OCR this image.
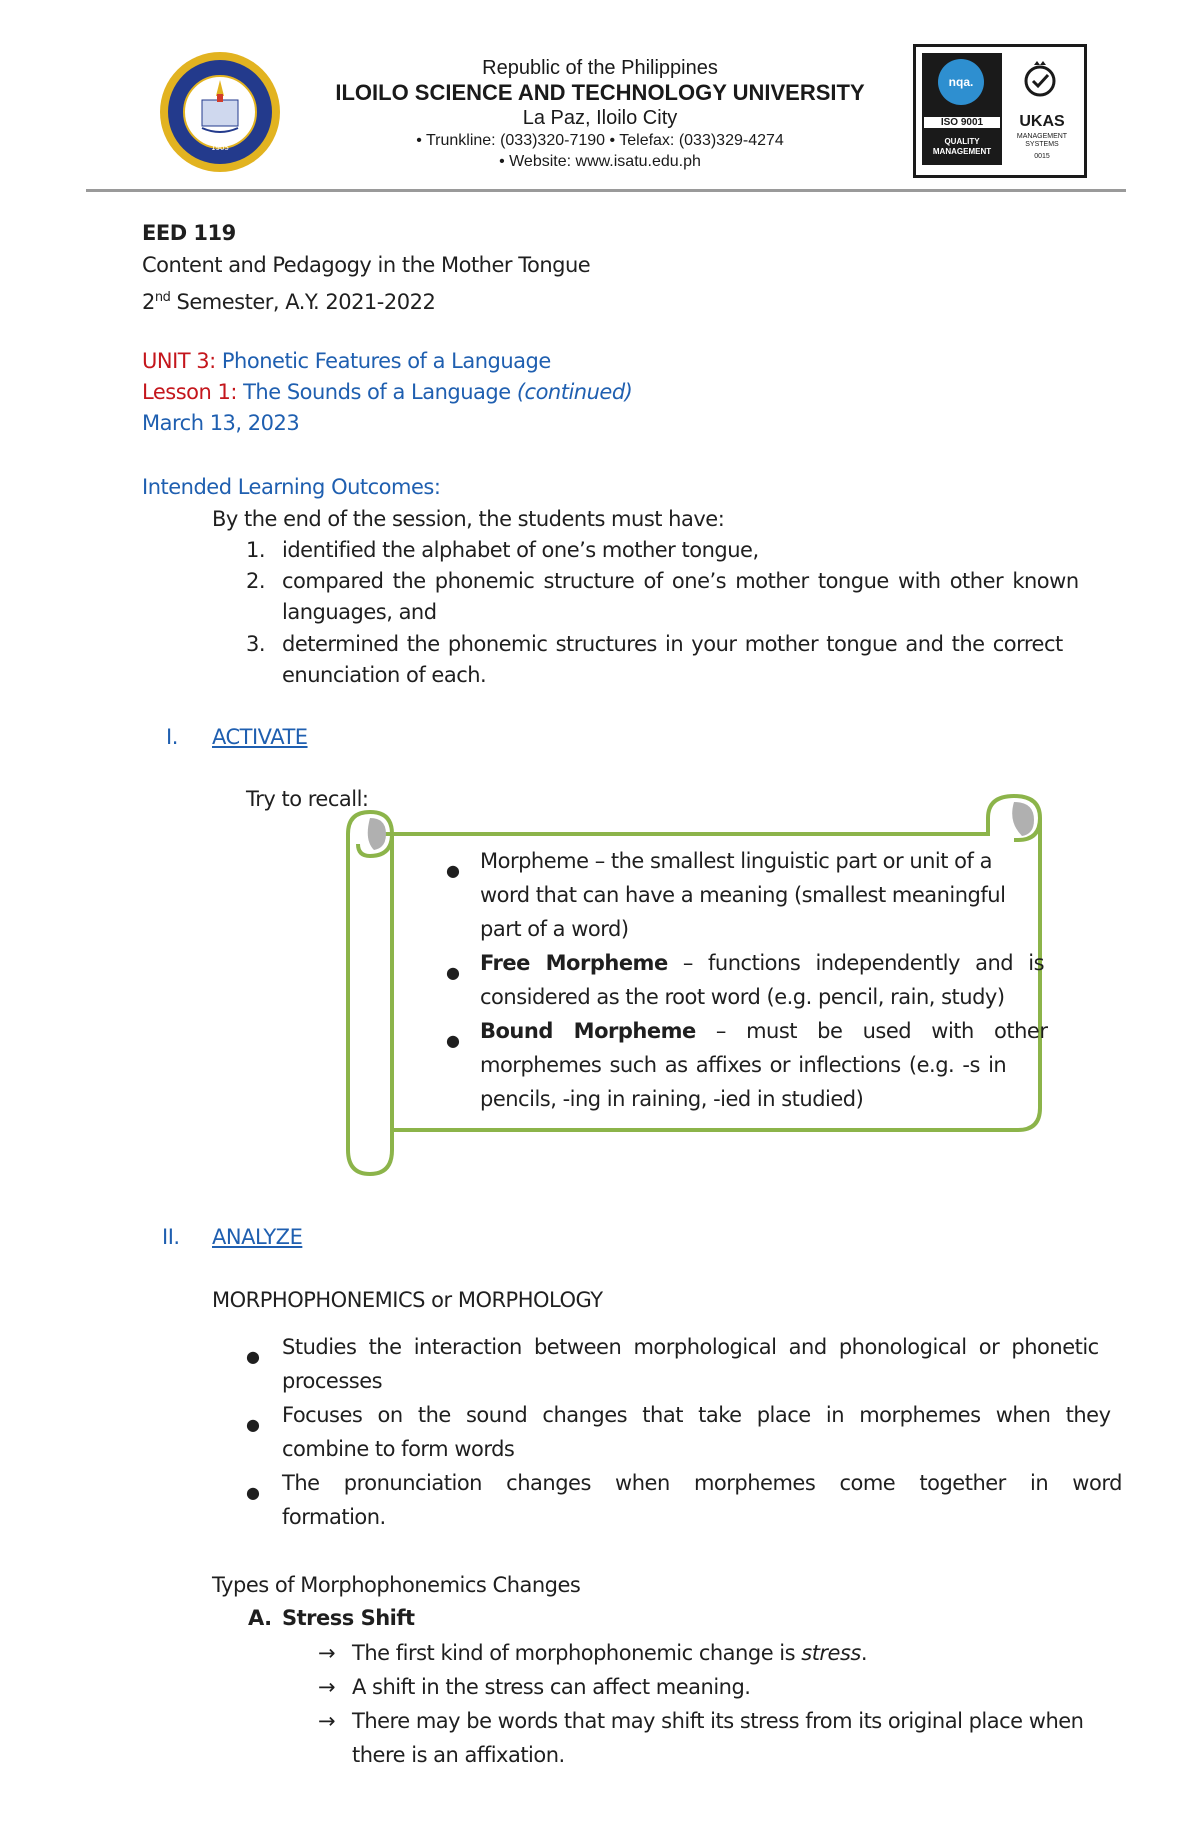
1905
Republic of the Philippines
ILOILO SCIENCE AND TECHNOLOGY UNIVERSITY
La Paz, Iloilo City
• Trunkline: (033)320-7190 • Telefax: (033)329-4274
• Website: www.isatu.edu.ph
nqa.
ISO 9001
QUALITY MANAGEMENT
UKAS
MANAGEMENT SYSTEMS
0015
EED 119
Content and Pedagogy in the Mother Tongue
2nd Semester, A.Y. 2021-2022
UNIT 3: Phonetic Features of a Language
Lesson 1: The Sounds of a Language (continued)
March 13, 2023
Intended Learning Outcomes:
By the end of the session, the students must have:
1. identified the alphabet of one’s mother tongue,
2. compared the phonemic structure of one’s mother tongue with other known
languages, and
3. determined the phonemic structures in your mother tongue and the correct
enunciation of each.
I. ACTIVATE
Try to recall:
● Morpheme – the smallest linguistic part or unit of a
word that can have a meaning (smallest meaningful
part of a word)
● Free Morpheme – functions independently and is
considered as the root word (e.g. pencil, rain, study)
● Bound Morpheme – must be used with other
morphemes such as affixes or inflections (e.g. -s in
pencils, -ing in raining, -ied in studied)
II. ANALYZE
MORPHOPHONEMICS or MORPHOLOGY
● Studies the interaction between morphological and phonological or phonetic
processes
● Focuses on the sound changes that take place in morphemes when they
combine to form words
● The pronunciation changes when morphemes come together in word
formation.
Types of Morphophonemics Changes
A. Stress Shift
→ The first kind of morphophonemic change is stress.
→ A shift in the stress can affect meaning.
→ There may be words that may shift its stress from its original place when
there is an affixation.
